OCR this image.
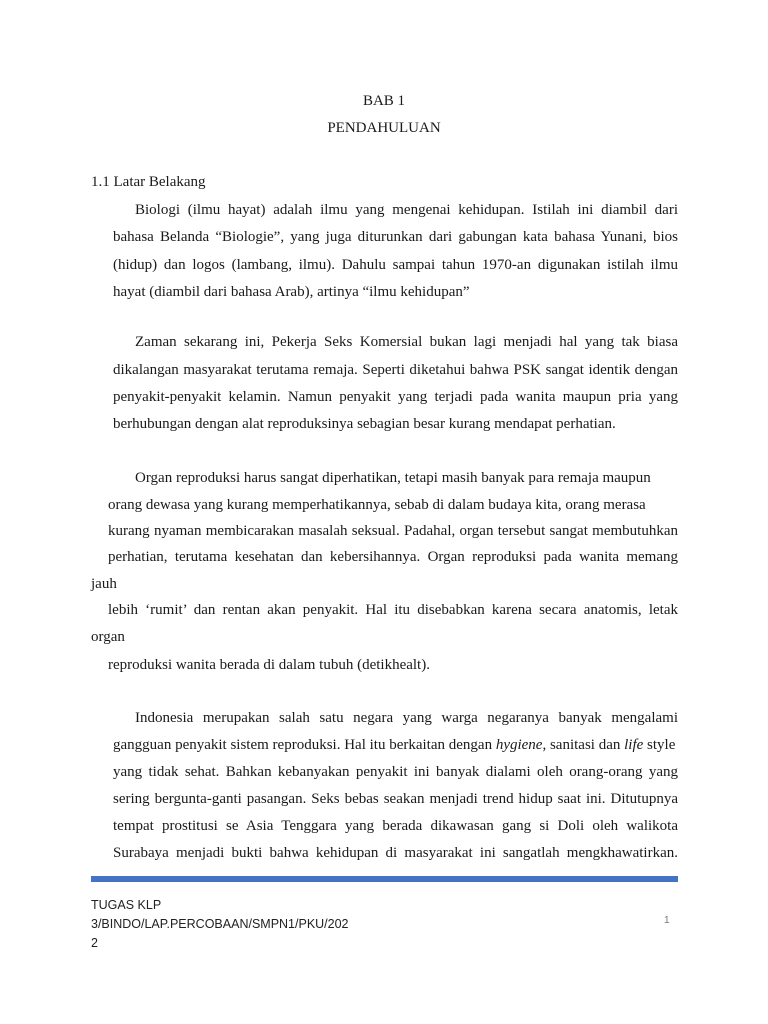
BAB 1
PENDAHULUAN
1.1 Latar Belakang
Biologi (ilmu hayat) adalah ilmu yang mengenai kehidupan. Istilah ini diambil dari
bahasa Belanda “Biologie”, yang juga diturunkan dari gabungan kata bahasa Yunani, bios
(hidup) dan logos (lambang, ilmu). Dahulu sampai tahun 1970-an digunakan istilah ilmu
hayat (diambil dari bahasa Arab), artinya “ilmu kehidupan”
Zaman sekarang ini, Pekerja Seks Komersial bukan lagi menjadi hal yang tak biasa
dikalangan masyarakat terutama remaja. Seperti diketahui bahwa PSK sangat identik dengan
penyakit-penyakit kelamin. Namun penyakit yang terjadi pada wanita maupun pria yang
berhubungan dengan alat reproduksinya sebagian besar kurang mendapat perhatian.
Organ reproduksi harus sangat diperhatikan, tetapi masih banyak para remaja maupun
orang dewasa yang kurang memperhatikannya, sebab di dalam budaya kita, orang merasa
kurang nyaman membicarakan masalah seksual. Padahal, organ tersebut sangat membutuhkan
perhatian, terutama kesehatan dan kebersihannya. Organ reproduksi pada wanita memang
jauh
lebih ‘rumit’ dan rentan akan penyakit. Hal itu disebabkan karena secara anatomis, letak
organ
reproduksi wanita berada di dalam tubuh (detikhealt).
Indonesia merupakan salah satu negara yang warga negaranya banyak mengalami
gangguan penyakit sistem reproduksi. Hal itu berkaitan dengan hygiene, sanitasi dan life style
yang tidak sehat. Bahkan kebanyakan penyakit ini banyak dialami oleh orang-orang yang
sering bergunta-ganti pasangan. Seks bebas seakan menjadi trend hidup saat ini. Ditutupnya
tempat prostitusi se Asia Tenggara yang berada dikawasan gang si Doli oleh walikota
Surabaya menjadi bukti bahwa kehidupan di masyarakat ini sangatlah mengkhawatirkan.
TUGAS KLP
3/BINDO/LAP.PERCOBAAN/SMPN1/PKU/202
2
1
